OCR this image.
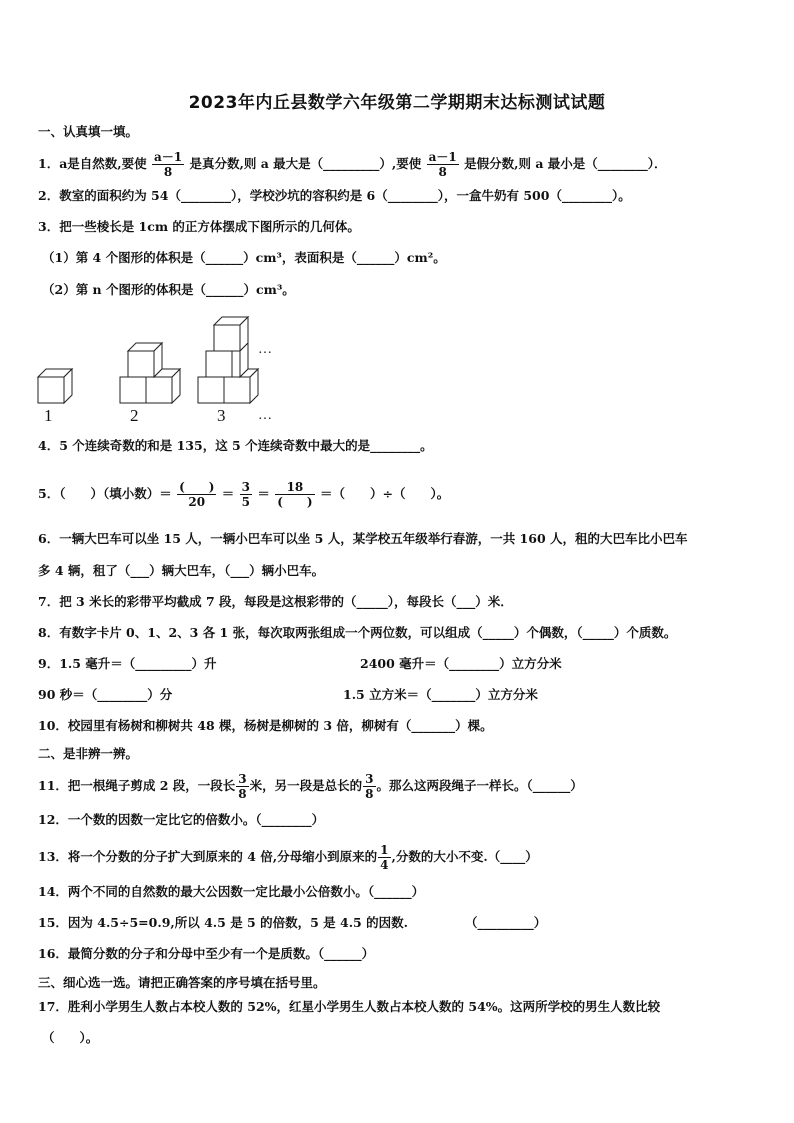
2023年内丘县数学六年级第二学期期末达标测试试题
一、认真填一填。
1．a是自然数,要使 $\frac{a-1}{8}$ 是真分数,则 a 最大是（_________）,要使 $\frac{a-1}{8}$ 是假分数,则 a 最小是（________）．
2．教室的面积约为 54（________），学校沙坑的容积约是 6（________），一盒牛奶有 500（________）。
3．把一些棱长是 1cm 的正方体摆成下图所示的几何体。
（1）第 4 个图形的体积是（______）cm³，表面积是（______）cm²。
（2）第 n 个图形的体积是（______）cm³。
1	2	3
…
…
4．5 个连续奇数的和是 135，这 5 个连续奇数中最大的是________。
5．（　　）（填小数）＝ $\frac{( )}{20} = \frac{3}{5} = \frac{18}{( )}$ ＝（　　）÷（　　）。
6．一辆大巴车可以坐 15 人，一辆小巴车可以坐 5 人，某学校五年级举行春游，一共 160 人，租的大巴车比小巴车
多 4 辆，租了（___）辆大巴车，（___）辆小巴车。
7．把 3 米长的彩带平均截成 7 段，每段是这根彩带的（_____），每段长（___）米．
8．有数字卡片 0、1、2、3 各 1 张，每次取两张组成一个两位数，可以组成（_____）个偶数，（_____）个质数。
9．1.5 毫升＝（_________）升	2400 毫升＝（________）立方分米
90 秒＝（________）分	1.5 立方米＝（_______）立方分米
10．校园里有杨树和柳树共 48 棵，杨树是柳树的 3 倍，柳树有（_______）棵。
二、是非辨一辨。
11．把一根绳子剪成 2 段，一段长 $\frac{3}{8}$ 米，另一段是总长的 $\frac{3}{8}$ 。那么这两段绳子一样长。（______）
12．一个数的因数一定比它的倍数小。（________）
13．将一个分数的分子扩大到原来的 4 倍,分母缩小到原来的 $\frac{1}{4}$ ,分数的大小不变.（____）
14．两个不同的自然数的最大公因数一定比最小公倍数小。（______）
15．因为 4.5÷5=0.9,所以 4.5 是 5 的倍数，5 是 4.5 的因数.	（_________）
16．最简分数的分子和分母中至少有一个是质数。（______）
三、细心选一选。请把正确答案的序号填在括号里。
17．胜利小学男生人数占本校人数的 52%，红星小学男生人数占本校人数的 54%。这两所学校的男生人数比较
（　　）。
